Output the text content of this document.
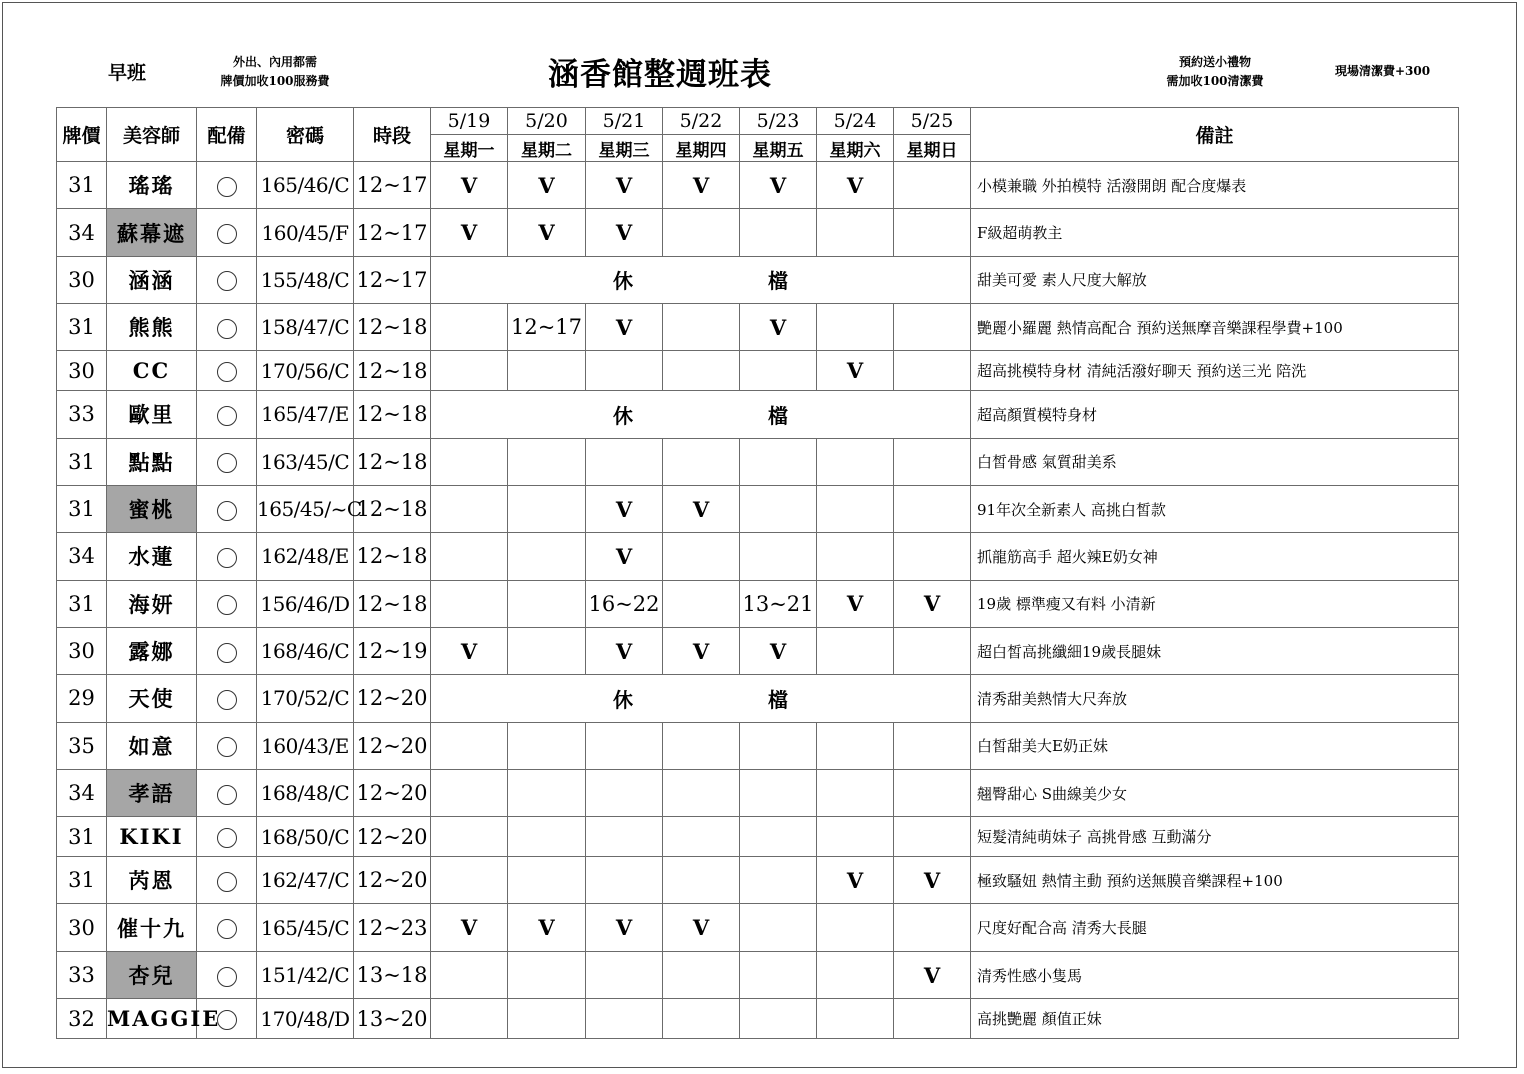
早班	外出、內用都需
牌價加收100服務費	涵香館整週班表	預約送小禮物
需加收100清潔費
現場清潔費+300
牌價	美容師	配備	密碼	時段	5/19	5/20	5/21	5/22	5/23	5/24	5/25	備註
					星期一	星期二	星期三	星期四	星期五	星期六	星期日	
31	瑤瑤		165/46/C	12~17	V	V	V	V	V	V		小模兼職 外拍模特 活潑開朗 配合度爆表
34	蘇幕遮		160/45/F	12~17	V	V	V					F級超萌教主
30	涵涵		155/48/C	12~17	休 檔							甜美可愛 素人尺度大解放
31	熊熊		158/47/C	12~18		12~17	V		V			艷麗小羅麗 熱情高配合 預約送無摩音樂課程學費+100
30	CC		170/56/C	12~18						V		超高挑模特身材 清純活潑好聊天 預約送三光 陪洗
33	歐里		165/47/E	12~18	休 檔							超高顏質模特身材
31	點點		163/45/C	12~18								白皙骨感 氣質甜美系
31	蜜桃		165/45/~C	12~18			V	V				91年次全新素人 高挑白皙款
34	水蓮		162/48/E	12~18			V					抓龍筋高手 超火辣E奶女神
31	海妍		156/46/D	12~18			16~22		13~21	V	V	19歲 標準瘦又有料 小清新
30	露娜		168/46/C	12~19	V		V	V	V			超白皙高挑纖細19歲長腿妹
29	天使		170/52/C	12~20	休 檔							清秀甜美熱情大尺奔放
35	如意		160/43/E	12~20								白皙甜美大E奶正妹
34	孝語		168/48/C	12~20								翹臀甜心 S曲線美少女
31	KIKI		168/50/C	12~20								短髮清純萌妹子 高挑骨感 互動滿分
31	芮恩		162/47/C	12~20						V	V	極致騷妞 熱情主動 預約送無膜音樂課程+100
30	催十九		165/45/C	12~23	V	V	V	V				尺度好配合高 清秀大長腿
33	杏兒		151/42/C	13~18							V	清秀性感小隻馬
32	MAGGIE		170/48/D	13~20								高挑艷麗 顏值正妹
